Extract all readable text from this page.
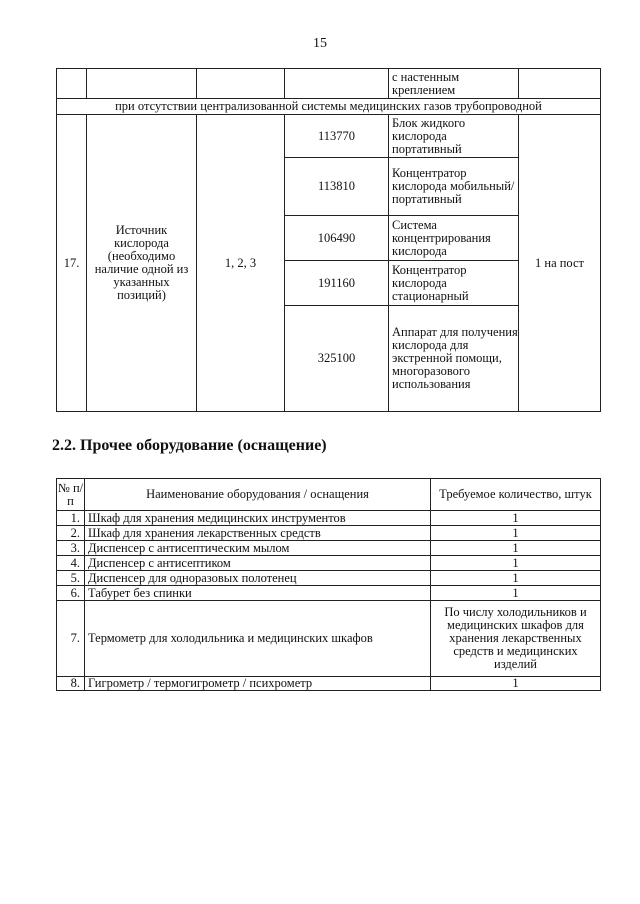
15
				с настенным креплением	
при отсутствии централизованной системы медицинских газов трубопроводной					
17.	Источник кислорода (необходимо наличие одной из указанных позиций)	1, 2, 3	113770	Блок жидкого кислорода портативный	1 на пост
			113810	Концентратор кислорода мобильный/ портативный	
			106490	Система концентрирования кислорода	
			191160	Концентратор кислорода стационарный	
			325100	Аппарат для получения кислорода для экстренной помощи, многоразового использования	
2.2. Прочее оборудование (оснащение)
№ п/п	Наименование оборудования / оснащения	Требуемое количество, штук
1.	Шкаф для хранения медицинских инструментов	1
2.	Шкаф для хранения лекарственных средств	1
3.	Диспенсер с антисептическим мылом	1
4.	Диспенсер с антисептиком	1
5.	Диспенсер для одноразовых полотенец	1
6.	Табурет без спинки	1
7.	Термометр для холодильника и медицинских шкафов	По числу холодильников и медицинских шкафов для хранения лекарственных средств и медицинских изделий
8.	Гигрометр / термогигрометр / психрометр	1
